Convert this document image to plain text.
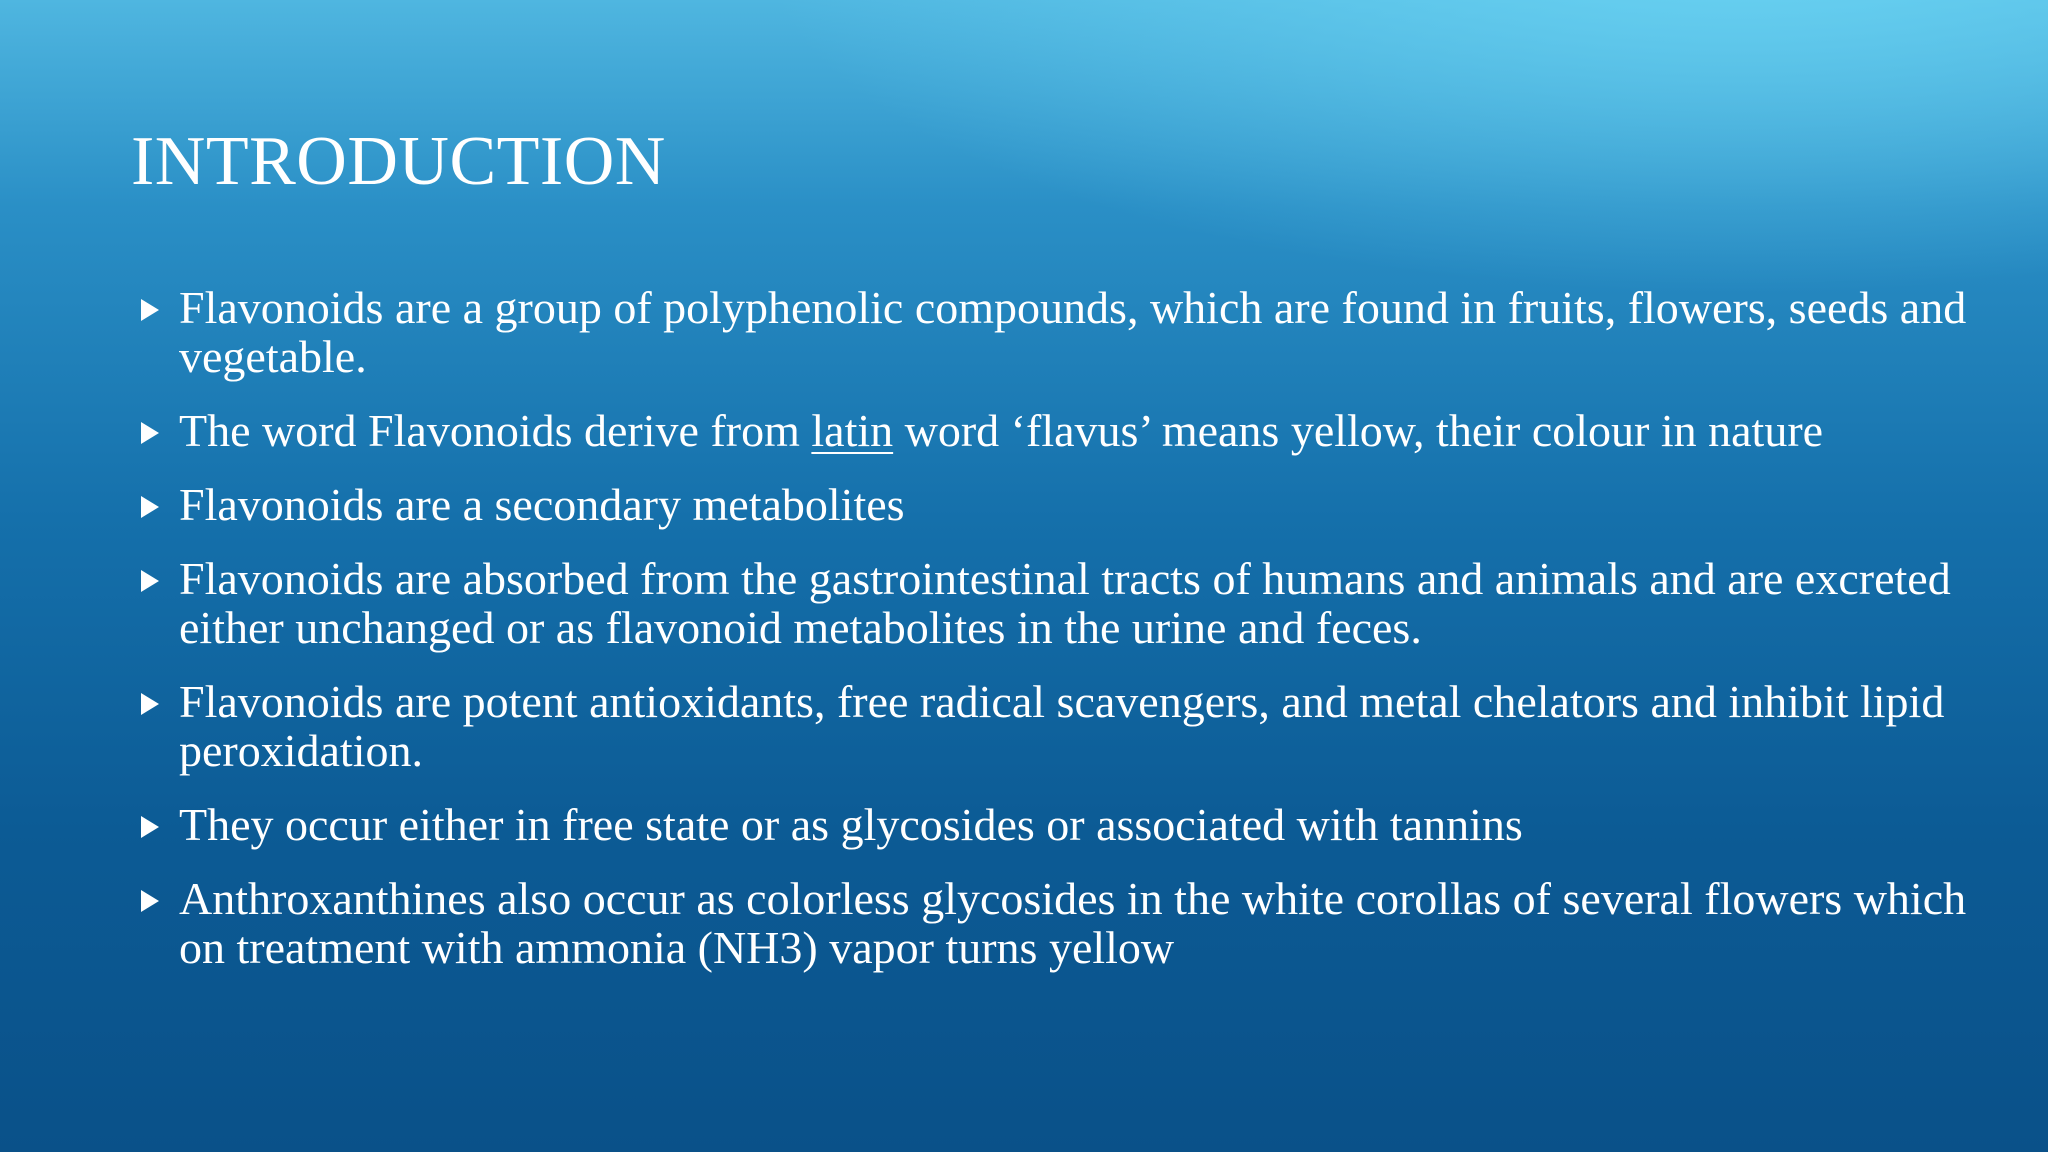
INTRODUCTION
Flavonoids are a group of polyphenolic compounds, which are found in fruits, flowers, seeds and vegetable.
The word Flavonoids derive from latin word ‘flavus’ means yellow, their colour in nature
Flavonoids are a secondary metabolites
Flavonoids are absorbed from the gastrointestinal tracts of humans and animals and are excreted either unchanged or as flavonoid metabolites in the urine and feces.
Flavonoids are potent antioxidants, free radical scavengers, and metal chelators and inhibit lipid peroxidation.
They occur either in free state or as glycosides or associated with tannins
Anthroxanthines also occur as colorless glycosides in the white corollas of several flowers which on treatment with ammonia (NH3) vapor turns yellow
